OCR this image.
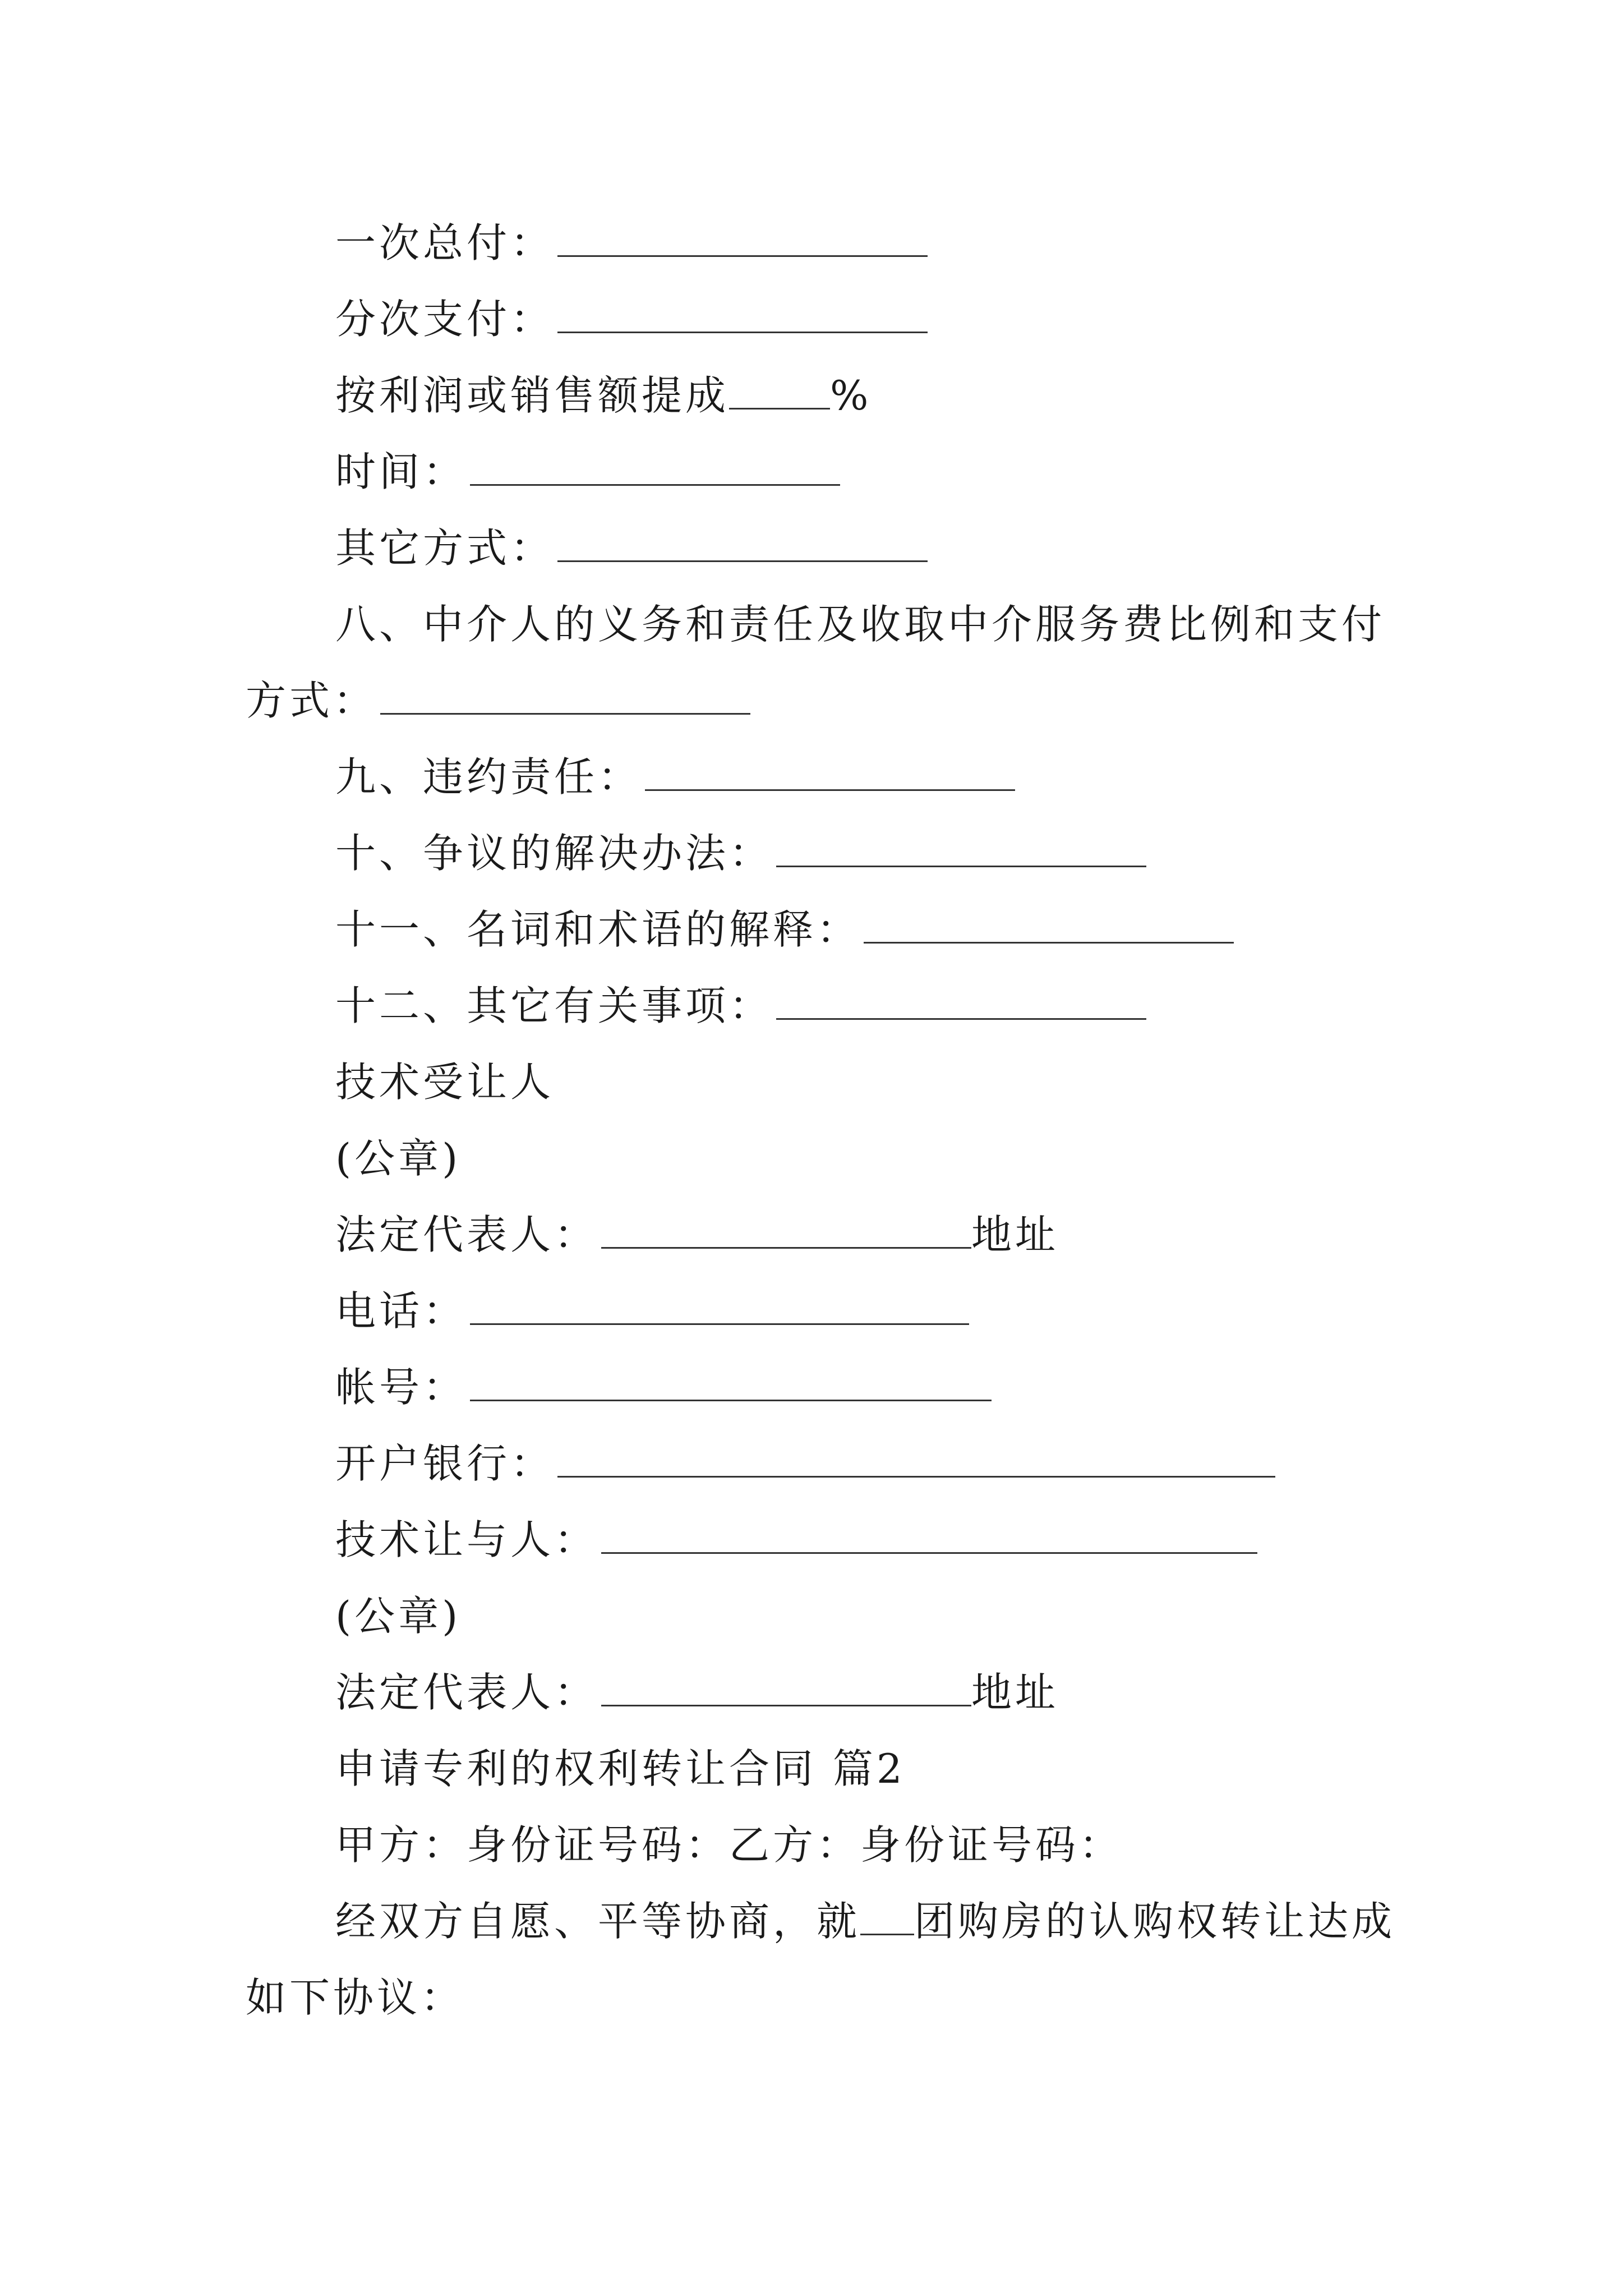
一次总付：
分次支付：
按利润或销售额提成	%
时间：
其它方式：
八、中介人的义务和责任及收取中介服务费比例和支付
方式：
九、违约责任：
十、争议的解决办法：
十一、名词和术语的解释：
十二、其它有关事项：
技术受让人
(公章)
法定代表人：	地址
电话：
帐号：
开户银行：
技术让与人：
(公章)
法定代表人：	地址
申请专利的权利转让合同 篇2
甲方：身份证号码：乙方：身份证号码：
经双方自愿、平等协商，就 团购房的认购权转让达成
如下协议：
